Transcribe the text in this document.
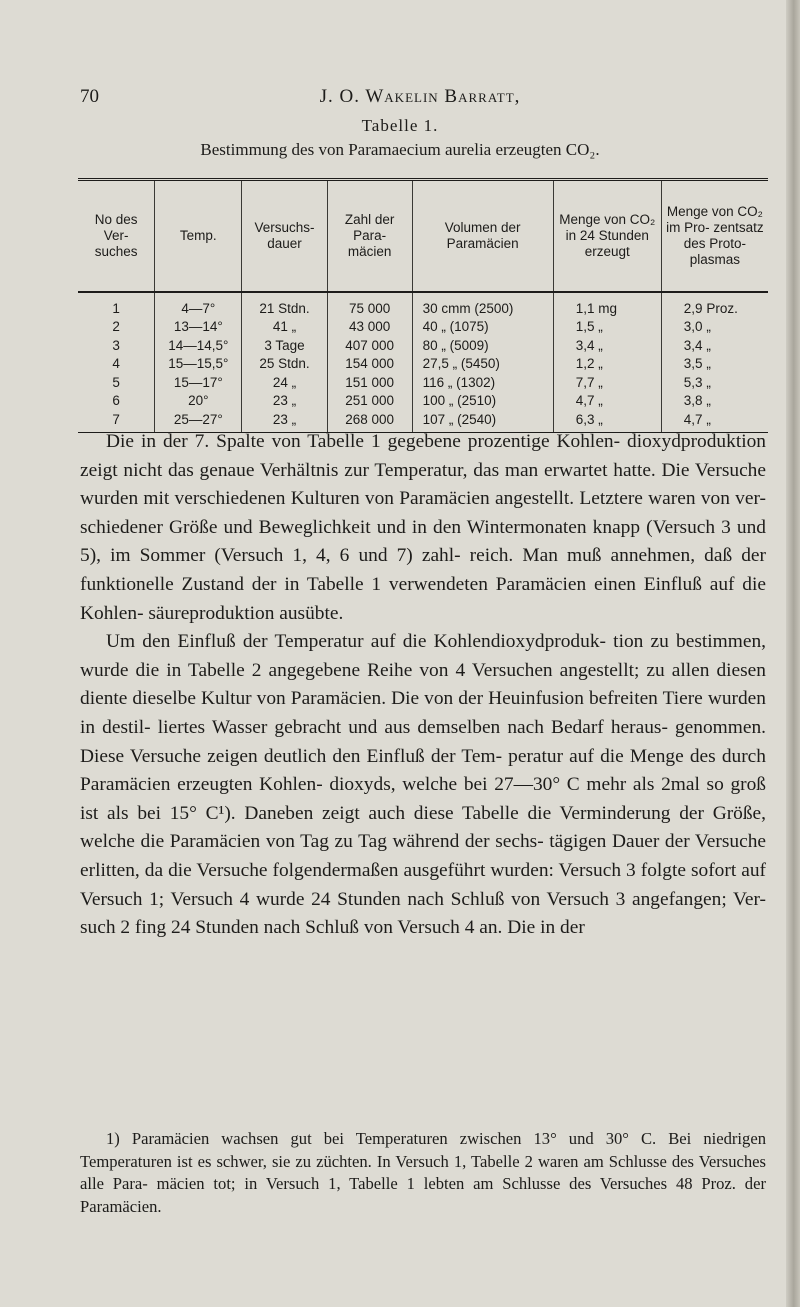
70	J. O. Wakelin Barratt,
Tabelle 1.
Bestimmung des von Paramaecium aurelia erzeugten CO₂.
No des Ver- suches	Temp.	Versuchs- dauer	Zahl der Para- mäcien	Volumen der Paramäcien	Menge von CO₂ in 24 Stunden erzeugt	Menge von CO₂ im Pro- zentsatz des Proto- plasmas
1	4—7°	21 Stdn.	75 000	30 cmm (2500)	1,1 mg	2,9 Proz.
2	13—14°	41 „	43 000	40 „ (1075)	1,5 „	3,0 „
3	14—14,5°	3 Tage	407 000	80 „ (5009)	3,4 „	3,4 „
4	15—15,5°	25 Stdn.	154 000	27,5 „ (5450)	1,2 „	3,5 „
5	15—17°	24 „	151 000	116 „ (1302)	7,7 „	5,3 „
6	20°	23 „	251 000	100 „ (2510)	4,7 „	3,8 „
7	25—27°	23 „	268 000	107 „ (2540)	6,3 „	4,7 „

Die in der 7. Spalte von Tabelle 1 gegebene prozentige Kohlen- dioxydproduktion zeigt nicht das genaue Verhältnis zur Temperatur, das man erwartet hatte. Die Versuche wurden mit verschiedenen Kulturen von Paramäcien angestellt. Letztere waren von ver- schiedener Größe und Beweglichkeit und in den Wintermonaten knapp (Versuch 3 und 5), im Sommer (Versuch 1, 4, 6 und 7) zahl- reich. Man muß annehmen, daß der funktionelle Zustand der in Tabelle 1 verwendeten Paramäcien einen Einfluß auf die Kohlen- säureproduktion ausübte.

Um den Einfluß der Temperatur auf die Kohlendioxydproduk- tion zu bestimmen, wurde die in Tabelle 2 angegebene Reihe von 4 Versuchen angestellt; zu allen diesen diente dieselbe Kultur von Paramäcien. Die von der Heuinfusion befreiten Tiere wurden in destil- liertes Wasser gebracht und aus demselben nach Bedarf heraus- genommen. Diese Versuche zeigen deutlich den Einfluß der Tem- peratur auf die Menge des durch Paramäcien erzeugten Kohlen- dioxyds, welche bei 27—30° C mehr als 2mal so groß ist als bei 15° C¹). Daneben zeigt auch diese Tabelle die Verminderung der Größe, welche die Paramäcien von Tag zu Tag während der sechs- tägigen Dauer der Versuche erlitten, da die Versuche folgendermaßen ausgeführt wurden: Versuch 3 folgte sofort auf Versuch 1; Versuch 4 wurde 24 Stunden nach Schluß von Versuch 3 angefangen; Ver- such 2 fing 24 Stunden nach Schluß von Versuch 4 an. Die in der

1) Paramäcien wachsen gut bei Temperaturen zwischen 13° und 30° C. Bei niedrigen Temperaturen ist es schwer, sie zu züchten. In Versuch 1, Tabelle 2 waren am Schlusse des Versuches alle Para- mäcien tot; in Versuch 1, Tabelle 1 lebten am Schlusse des Versuches 48 Proz. der Paramäcien.
